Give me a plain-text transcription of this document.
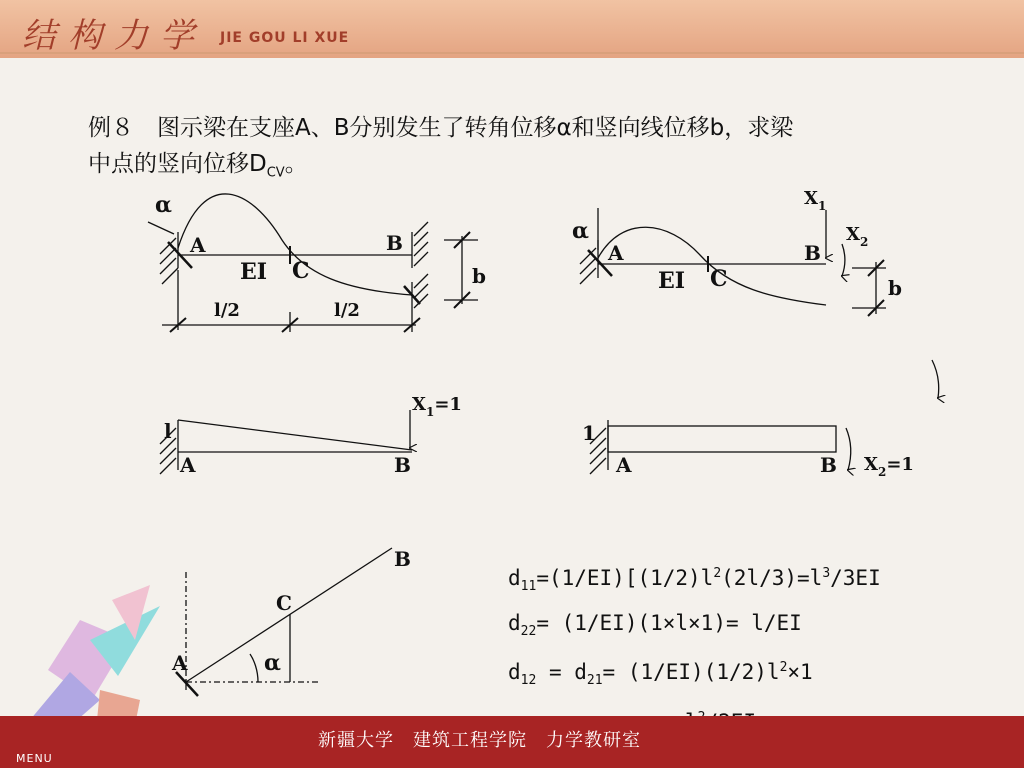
结构力学 JIE GOU LI XUE
例８　图示梁在支座A、B分别发生了转角位移α和竖向线位移b，求梁
中点的竖向位移$D_{CV}$。
α
A	B
EI C	b
l/2	l/2
α
A	B
EI C	b
$X_1$
$X_2$
l
A	B
$X_1=1$
1
A	B $X_2=1$
B
C
A	α
$d_{11}=(1/EI)[(1/2)l^2(2l/3)=l^3/3EI$
$d_{22}= (1/EI)(1\times l\times 1)= l/EI$
$d_{12} = d_{21}= (1/EI)(1/2)l^2\times 1$
新疆大学　建筑工程学院　力学教研室
MENU
